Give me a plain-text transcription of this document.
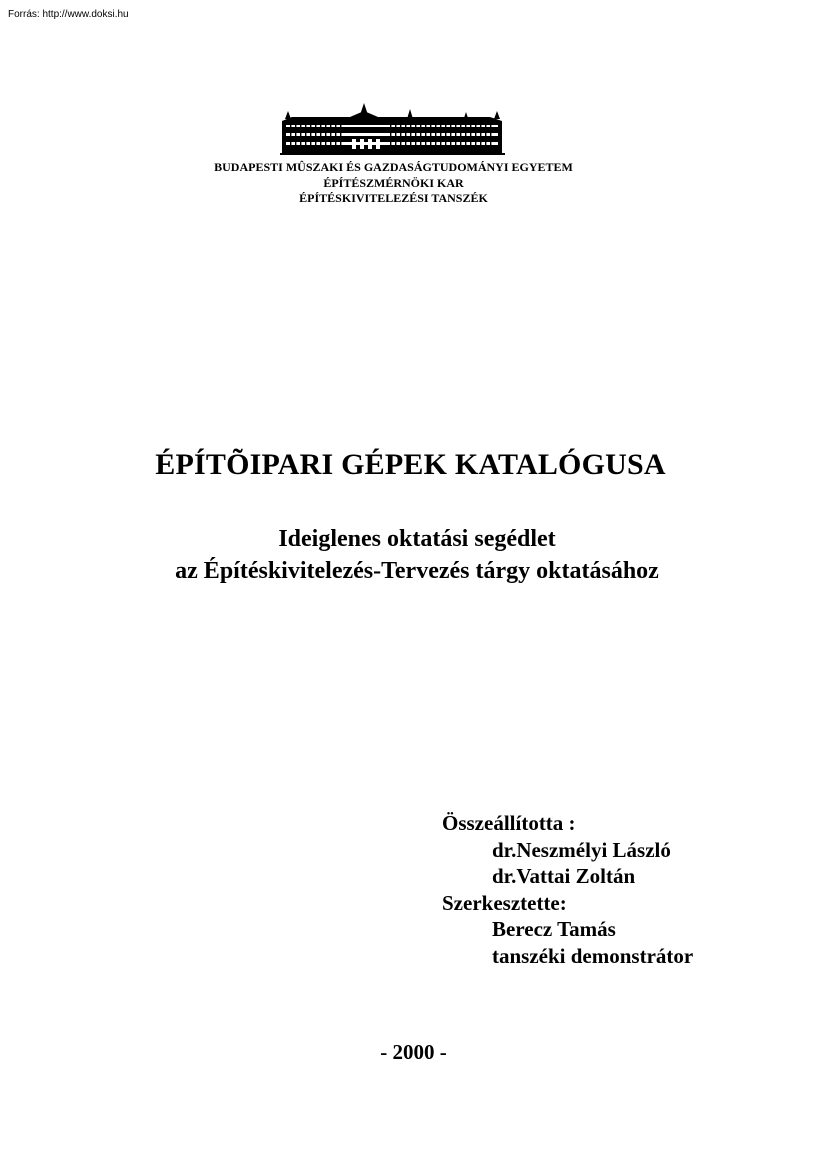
Forrás: http://www.doksi.hu
BUDAPESTI MÛSZAKI ÉS GAZDASÁGTUDOMÁNYI EGYETEM
ÉPÍTÉSZMÉRNÖKI KAR
ÉPÍTÉSKIVITELEZÉSI TANSZÉK
ÉPÍTÕIPARI GÉPEK KATALÓGUSA
Ideiglenes oktatási segédlet
az Építéskivitelezés-Tervezés tárgy oktatásához
Összeállította :
dr.Neszmélyi László
dr.Vattai Zoltán
Szerkesztette:
Berecz Tamás
tanszéki demonstrátor
- 2000 -
